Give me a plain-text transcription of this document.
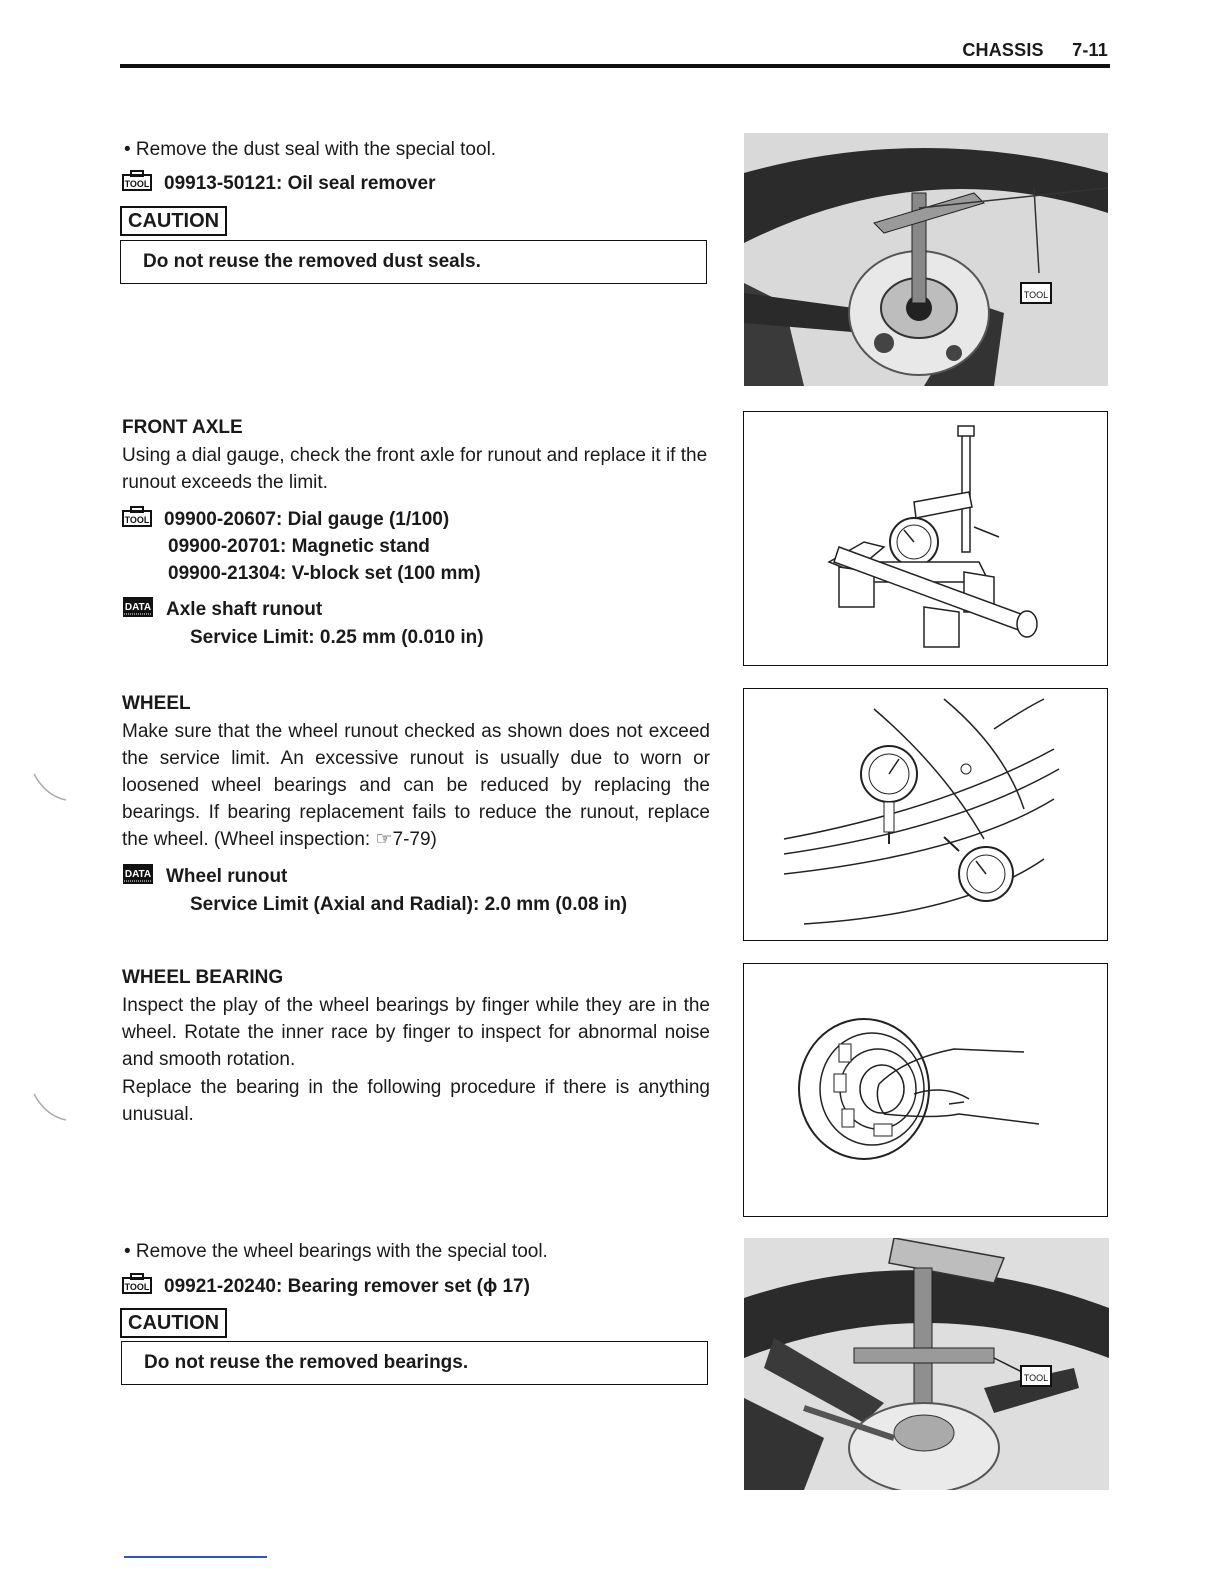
CHASSIS 7-11
• Remove the dust seal with the special tool.
TOOL 09913-50121: Oil seal remover
CAUTION
Do not reuse the removed dust seals.
TOOL
FRONT AXLE
Using a dial gauge, check the front axle for runout and replace it if the runout exceeds the limit.
TOOL 09900-20607: Dial gauge (1/100)
09900-20701: Magnetic stand
09900-21304: V-block set (100 mm)
DATA Axle shaft runout
Service Limit: 0.25 mm (0.010 in)
WHEEL
Make sure that the wheel runout checked as shown does not exceed the service limit. An excessive runout is usually due to worn or loosened wheel bearings and can be reduced by replacing the bearings. If bearing replacement fails to reduce the runout, replace the wheel. (Wheel inspection: ☞7-79)
DATA Wheel runout
Service Limit (Axial and Radial): 2.0 mm (0.08 in)
WHEEL BEARING
Inspect the play of the wheel bearings by finger while they are in the wheel. Rotate the inner race by finger to inspect for abnormal noise and smooth rotation.
Replace the bearing in the following procedure if there is anything unusual.
• Remove the wheel bearings with the special tool.
TOOL 09921-20240: Bearing remover set (ϕ 17)
CAUTION
Do not reuse the removed bearings.
TOOL
